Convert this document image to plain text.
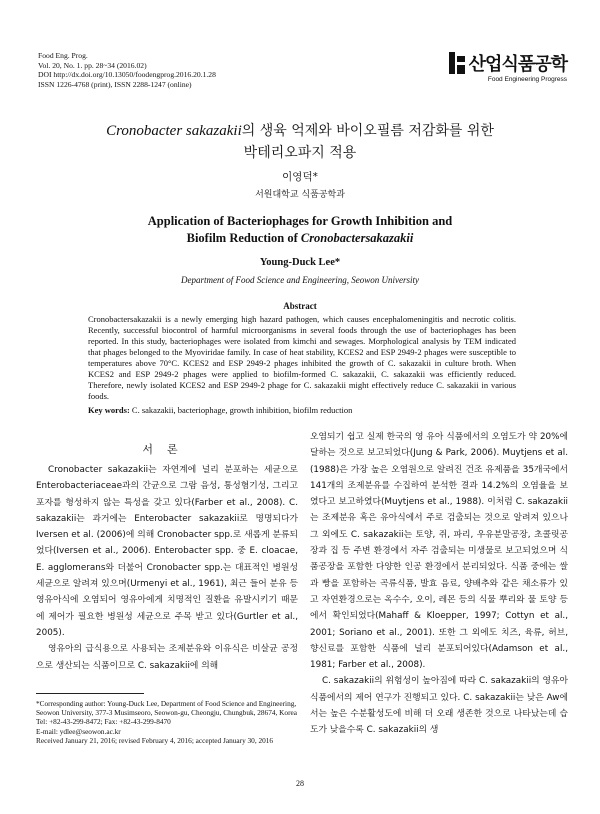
Food Eng. Prog.
Vol. 20, No. 1. pp. 28~34 (2016.02)
DOI http://dx.doi.org/10.13050/foodengprog.2016.20.1.28
ISSN 1226-4768 (print), ISSN 2288-1247 (online)
산업식품공학
Food Engineering Progress
Cronobacter sakazakii의 생육 억제와 바이오필름 저감화를 위한
박테리오파지 적용
이영덕*
서원대학교 식품공학과
Application of Bacteriophages for Growth Inhibition and
Biofilm Reduction of Cronobactersakazakii
Young-Duck Lee*
Department of Food Science and Engineering, Seowon University
Abstract
Cronobactersakazakii is a newly emerging high hazard pathogen, which causes encephalomeningitis and necrotic colitis. Recently, successful biocontrol of harmful microorganisms in several foods through the use of bacteriophages has been reported. In this study, bacteriophages were isolated from kimchi and sewages. Morphological analysis by TEM indicated that phages belonged to the Myoviridae family. In case of heat stability, KCES2 and ESP 2949-2 phages were susceptible to temperatures above 70°C. KCES2 and ESP 2949-2 phages inhibited the growth of C. sakazakii in culture broth. When KCES2 and ESP 2949-2 phages were applied to biofilm-formed C. sakazakii, C. sakazakii was efficiently reduced. Therefore, newly isolated KCES2 and ESP 2949-2 phage for C. sakazakii might effectively reduce C. sakazakii in various foods.
Key words: C. sakazakii, bacteriophage, growth inhibition, biofilm reduction
서론

Cronobacter sakazakii는 자연계에 널리 분포하는 세균으로 Enterobacteriaceae과의 간균으로 그람 음성, 통성혐기성, 그리고 포자를 형성하지 않는 특성을 갖고 있다(Farber et al., 2008). C. sakazakii는 과거에는 Enterobacter sakazakii로 명명되다가 Iversen et al. (2006)에 의해 Cronobacter spp.로 새롭게 분류되었다(Iversen et al., 2006). Enterobacter spp. 중 E. cloacae, E. agglomerans와 더불어 Cronobacter spp.는 대표적인 병원성 세균으로 알려져 있으며(Urmenyi et al., 1961), 최근 들어 분유 등 영유아식에 오염되어 영유아에게 치명적인 질환을 유발시키기 때문에 제어가 필요한 병원성 세균으로 주목 받고 있다(Gurtler et al., 2005).

영유아의 급식용으로 사용되는 조제분유와 이유식은 비살균 공정으로 생산되는 식품이므로 C. sakazakii에 의해

*Corresponding author: Young-Duck Lee, Department of Food Science and Engineering, Seowon University, 377-3 Musimseoro, Seowon-gu, Cheongju, Chungbuk, 28674, Korea
Tel: +82-43-299-8472; Fax: +82-43-299-8470
E-mail: ydlee@seowon.ac.kr
Received January 21, 2016; revised February 4, 2016; accepted January 30, 2016

오염되기 쉽고 실제 한국의 영 유아 식품에서의 오염도가 약 20%에 달하는 것으로 보고되었다(Jung & Park, 2006). Muytjens et al. (1988)은 가장 높은 오염원으로 알려진 건조 유제품을 35개국에서 141개의 조제분유를 수집하여 분석한 결과 14.2%의 오염율을 보였다고 보고하였다(Muytjens et al., 1988). 이처럼 C. sakazakii는 조제분유 혹은 유아식에서 주로 검출되는 것으로 알려져 있으나 그 외에도 C. sakazakii는 토양, 쥐, 파리, 우유분말공장, 초콜릿공장과 집 등 주변 환경에서 자주 검출되는 미생물로 보고되었으며 식품공장을 포함한 다양한 인공 환경에서 분리되었다. 식품 중에는 쌀과 빵을 포함하는 곡류식품, 발효 음료, 양배추와 같은 채소류가 있고 자연환경으로는 옥수수, 오이, 레몬 등의 식물 뿌리와 물 토양 등에서 확인되었다(Mahaff & Kloepper, 1997; Cottyn et al., 2001; Soriano et al., 2001). 또한 그 외에도 치즈, 육류, 허브, 향신료를 포함한 식품에 널리 분포되어있다(Adamson et al., 1981; Farber et al., 2008).

C. sakazakii의 위험성이 높아짐에 따라 C. sakazakii의 영유아식품에서의 제어 연구가 진행되고 있다. C. sakazakii는 낮은 Aw에서는 높은 수분활성도에 비해 더 오래 생존한 것으로 나타났는데 습도가 낮을수록 C. sakazakii의 생

28
